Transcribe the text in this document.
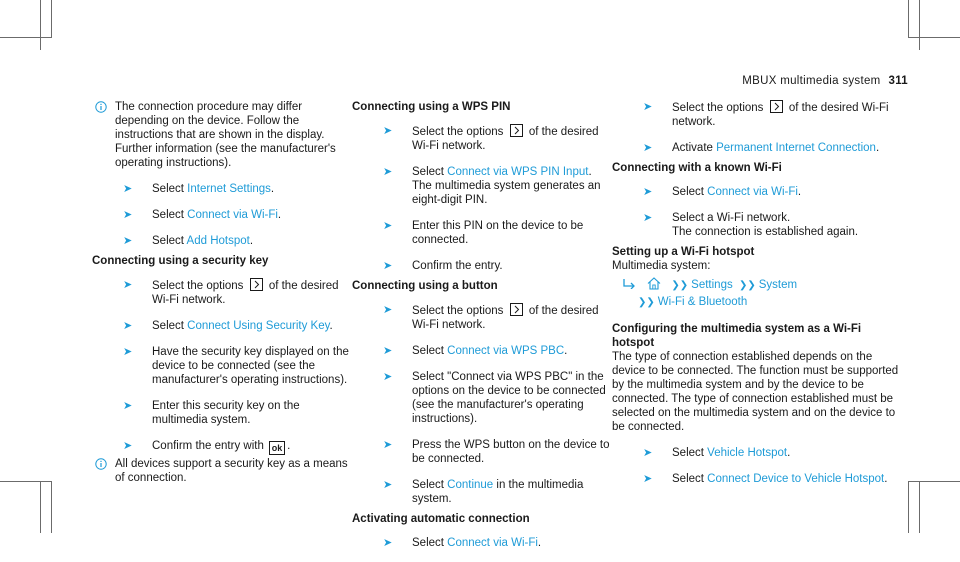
MBUX multimedia system 311

The connection procedure may differ depending on the device. Follow the instructions that are shown in the display. Further information (see the manufacturer's operating instructions).

➤ Select Internet Settings.
➤ Select Connect via Wi-Fi.
➤ Select Add Hotspot.

Connecting using a security key

➤ Select the options of the desired Wi-Fi network.
➤ Select Connect Using Security Key.
➤ Have the security key displayed on the device to be connected (see the manufacturer's operating instructions).
➤ Enter this security key on the multimedia system.
➤ Confirm the entry with ok .

All devices support a security key as a means of connection.

Connecting using a WPS PIN

➤ Select the options of the desired Wi-Fi network.
➤ Select Connect via WPS PIN Input.
The multimedia system generates an eight-digit PIN.
➤ Enter this PIN on the device to be connected.
➤ Confirm the entry.

Connecting using a button

➤ Select the options of the desired Wi-Fi network.
➤ Select Connect via WPS PBC.
➤ Select "Connect via WPS PBC" in the options on the device to be connected (see the manufacturer's operating instructions).
➤ Press the WPS button on the device to be connected.
➤ Select Continue in the multimedia system.

Activating automatic connection

➤ Select Connect via Wi-Fi.
➤ Select the options of the desired Wi-Fi network.
➤ Activate Permanent Internet Connection.

Connecting with a known Wi-Fi

➤ Select Connect via Wi-Fi.
➤ Select a Wi-Fi network.
The connection is established again.

Setting up a Wi-Fi hotspot

Multimedia system:

❯❯ Settings ❯❯ System
❯❯ Wi-Fi & Bluetooth

Configuring the multimedia system as a Wi-Fi hotspot

The type of connection established depends on the device to be connected. The function must be supported by the multimedia system and by the device to be connected. The type of connection established must be selected on the multimedia system and on the device to be connected.

➤ Select Vehicle Hotspot.
➤ Select Connect Device to Vehicle Hotspot.
